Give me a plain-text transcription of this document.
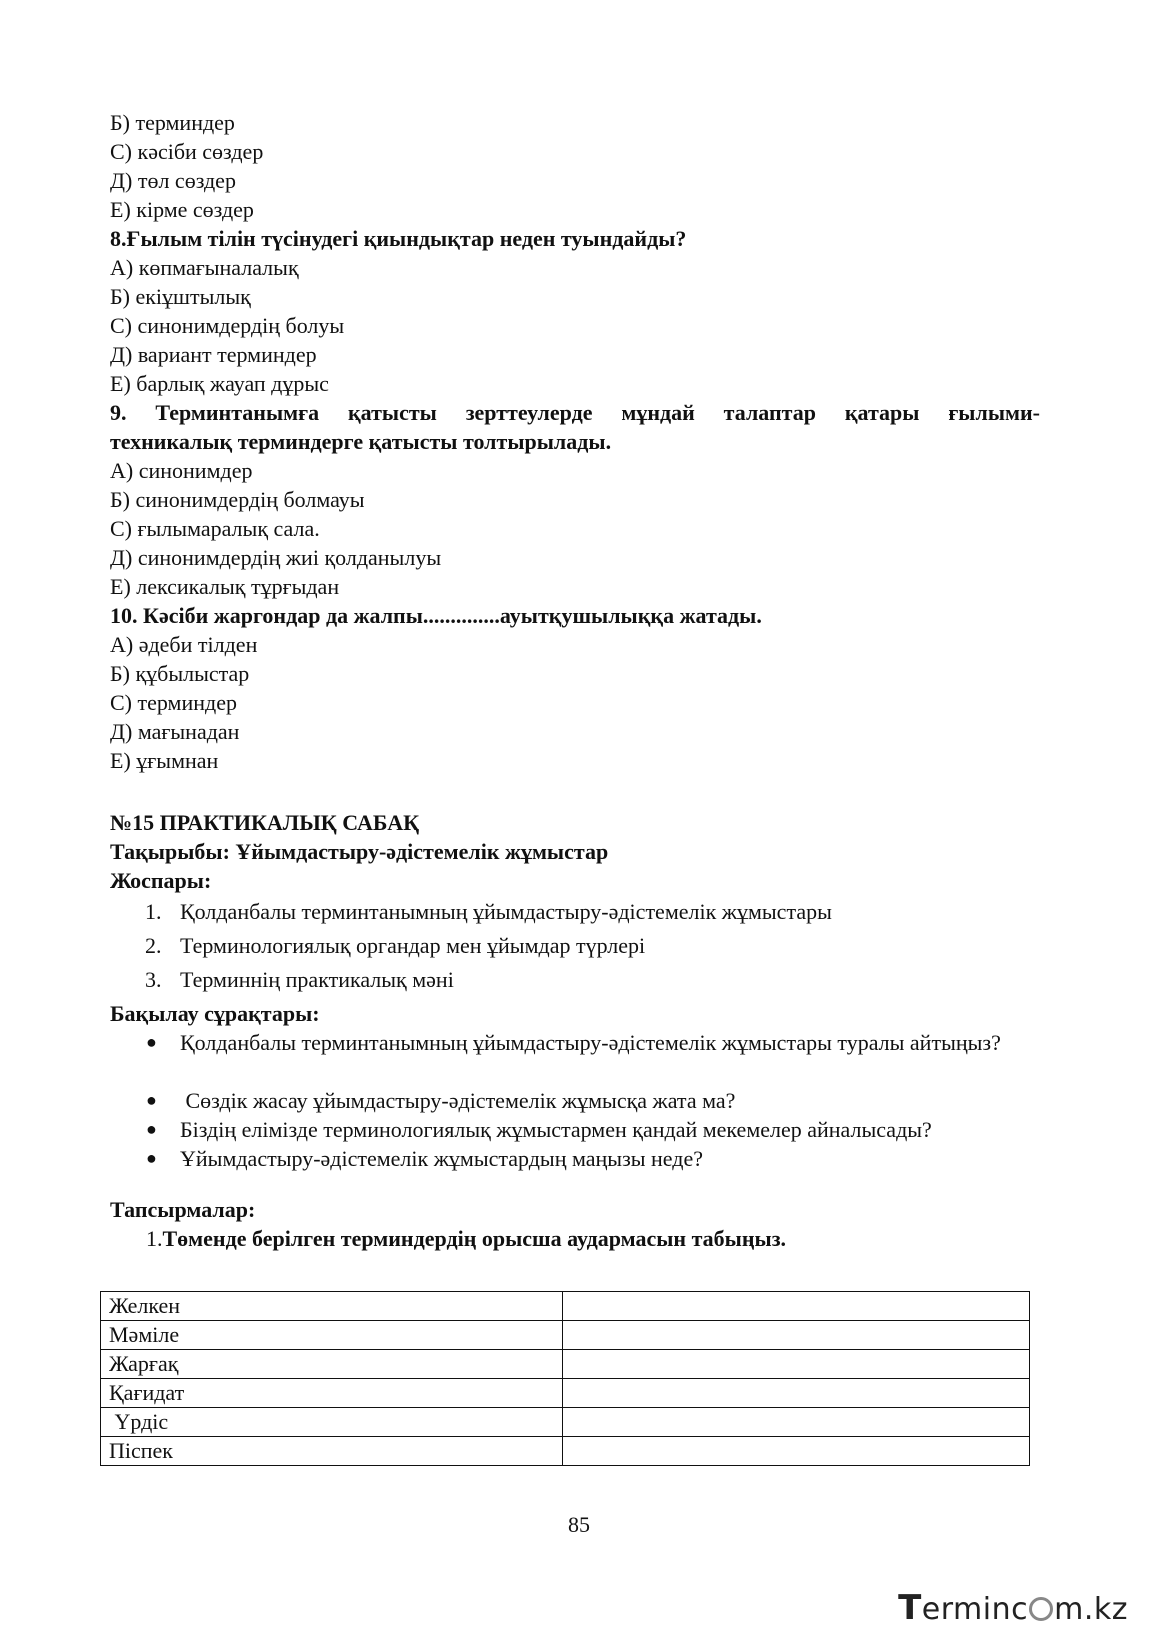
Б) терминдер
С) кәсіби сөздер
Д) төл сөздер
Е) кірме сөздер
8.Ғылым тілін түсінудегі қиындықтар неден туындайды?
А) көпмағыналалық
Б) екіұштылық
С) синонимдердің болуы
Д) вариант терминдер
Е) барлық жауап дұрыс
9. Терминтанымға қатысты зерттеулерде мұндай талаптар қатары ғылыми-
техникалық терминдерге қатысты толтырылады.
А) синонимдер
Б) синонимдердің болмауы
С) ғылымаралық сала.
Д) синонимдердің жиі қолданылуы
Е) лексикалық тұрғыдан
10. Кәсіби жаргондар да жалпы..............ауытқушылыққа жатады.
А) әдеби тілден
Б) құбылыстар
С) терминдер
Д) мағынадан
Е) ұғымнан
№15 ПРАКТИКАЛЫҚ САБАҚ
Тақырыбы: Ұйымдастыру-әдістемелік жұмыстар
Жоспары:
1. Қолданбалы терминтанымның ұйымдастыру-әдістемелік жұмыстары
2. Терминологиялық органдар мен ұйымдар түрлері
3. Терминнің практикалық мәні
Бақылау сұрақтары:
● Қолданбалы терминтанымның ұйымдастыру-әдістемелік жұмыстары туралы айтыңыз?
● Сөздік жасау ұйымдастыру-әдістемелік жұмысқа жата ма?
● Біздің елімізде терминологиялық жұмыстармен қандай мекемелер айналысады?
● Ұйымдастыру-әдістемелік жұмыстардың маңызы неде?
Тапсырмалар:
1.Төменде берілген терминдердің орысша аудармасын табыңыз.
Желкен	
Мәміле	
Жарғақ	
Қағидат	
Үрдіс	
Піспек	
85
Terminc m.kz
